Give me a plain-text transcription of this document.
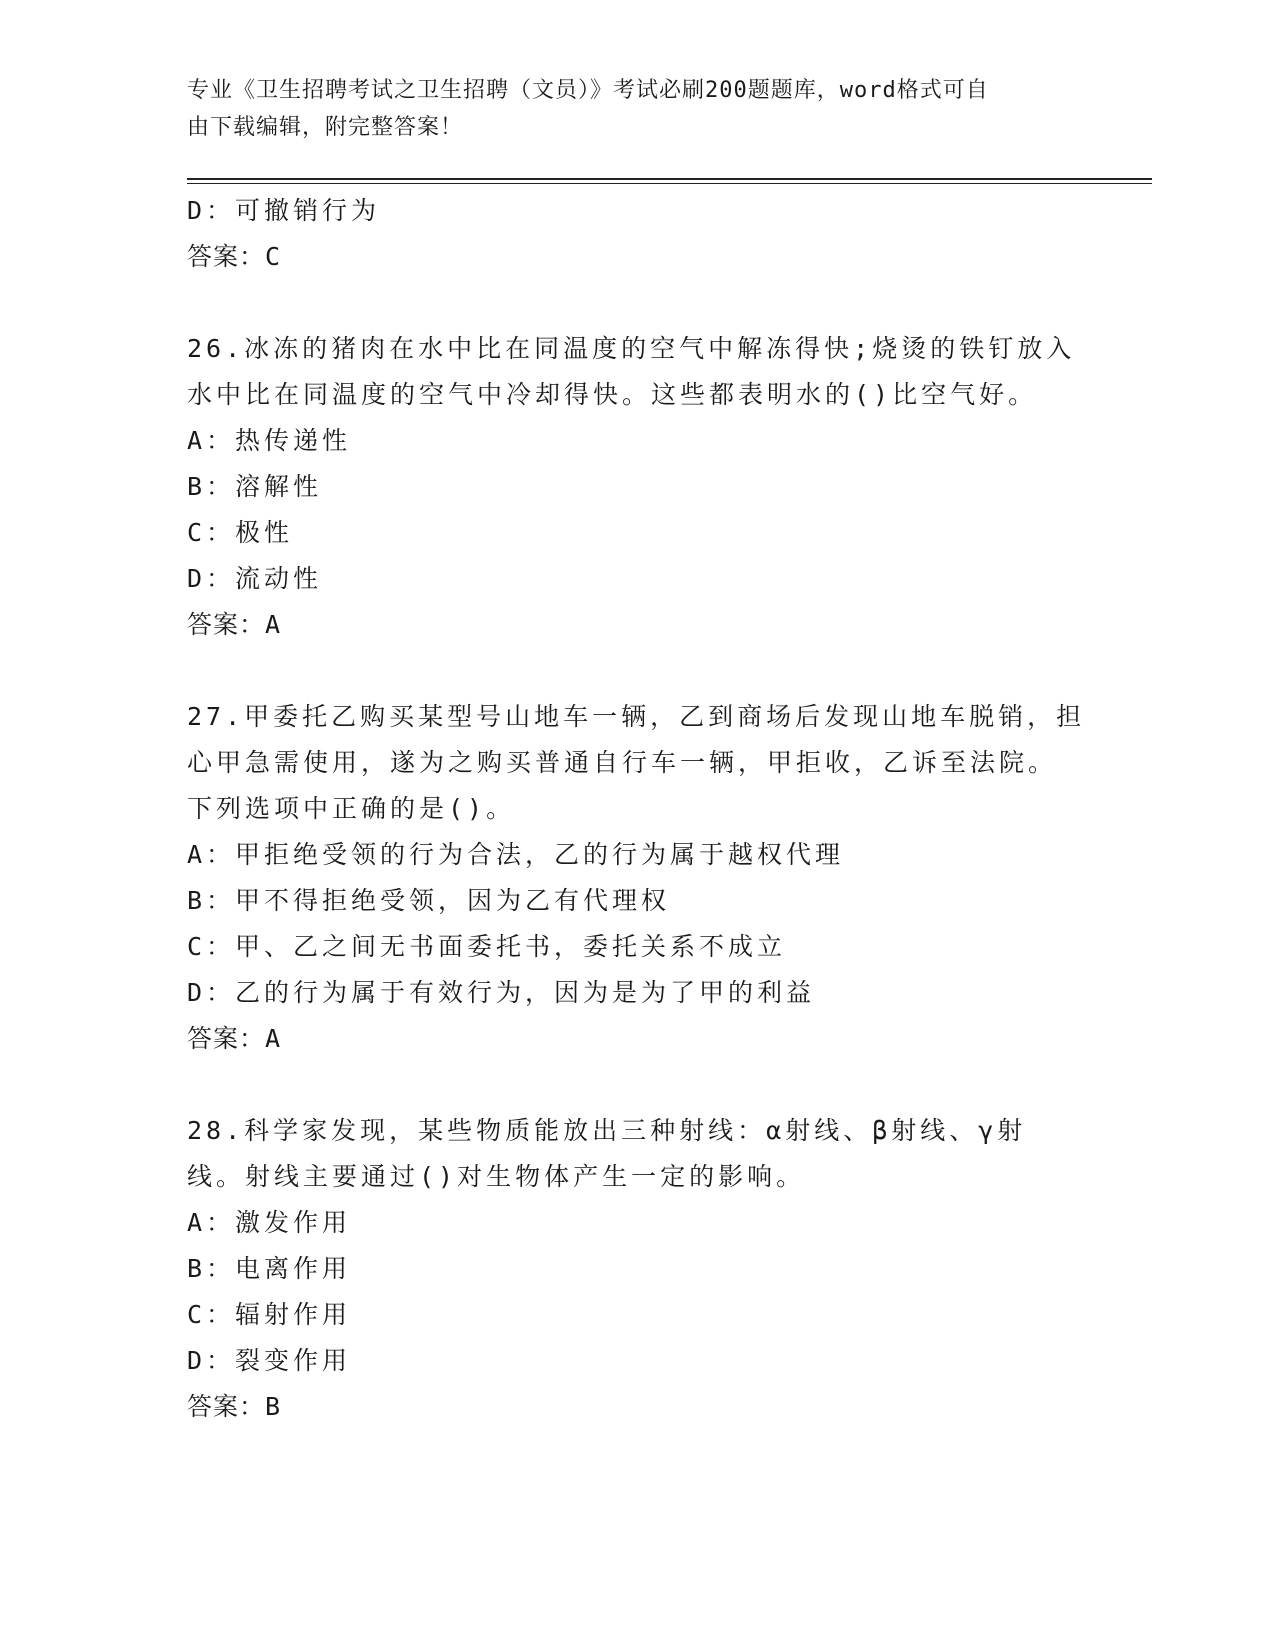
专业《卫生招聘考试之卫生招聘（文员）》考试必刷200题题库，word格式可自
由下载编辑，附完整答案！
D：可撤销行为
答案：C
26.冰冻的猪肉在水中比在同温度的空气中解冻得快;烧烫的铁钉放入
水中比在同温度的空气中冷却得快。这些都表明水的()比空气好。
A：热传递性
B：溶解性
C：极性
D：流动性
答案：A
27.甲委托乙购买某型号山地车一辆，乙到商场后发现山地车脱销，担
心甲急需使用，遂为之购买普通自行车一辆，甲拒收，乙诉至法院。
下列选项中正确的是()。
A：甲拒绝受领的行为合法，乙的行为属于越权代理
B：甲不得拒绝受领，因为乙有代理权
C：甲、乙之间无书面委托书，委托关系不成立
D：乙的行为属于有效行为，因为是为了甲的利益
答案：A
28.科学家发现，某些物质能放出三种射线：α射线、β射线、γ射
线。射线主要通过()对生物体产生一定的影响。
A：激发作用
B：电离作用
C：辐射作用
D：裂变作用
答案：B
